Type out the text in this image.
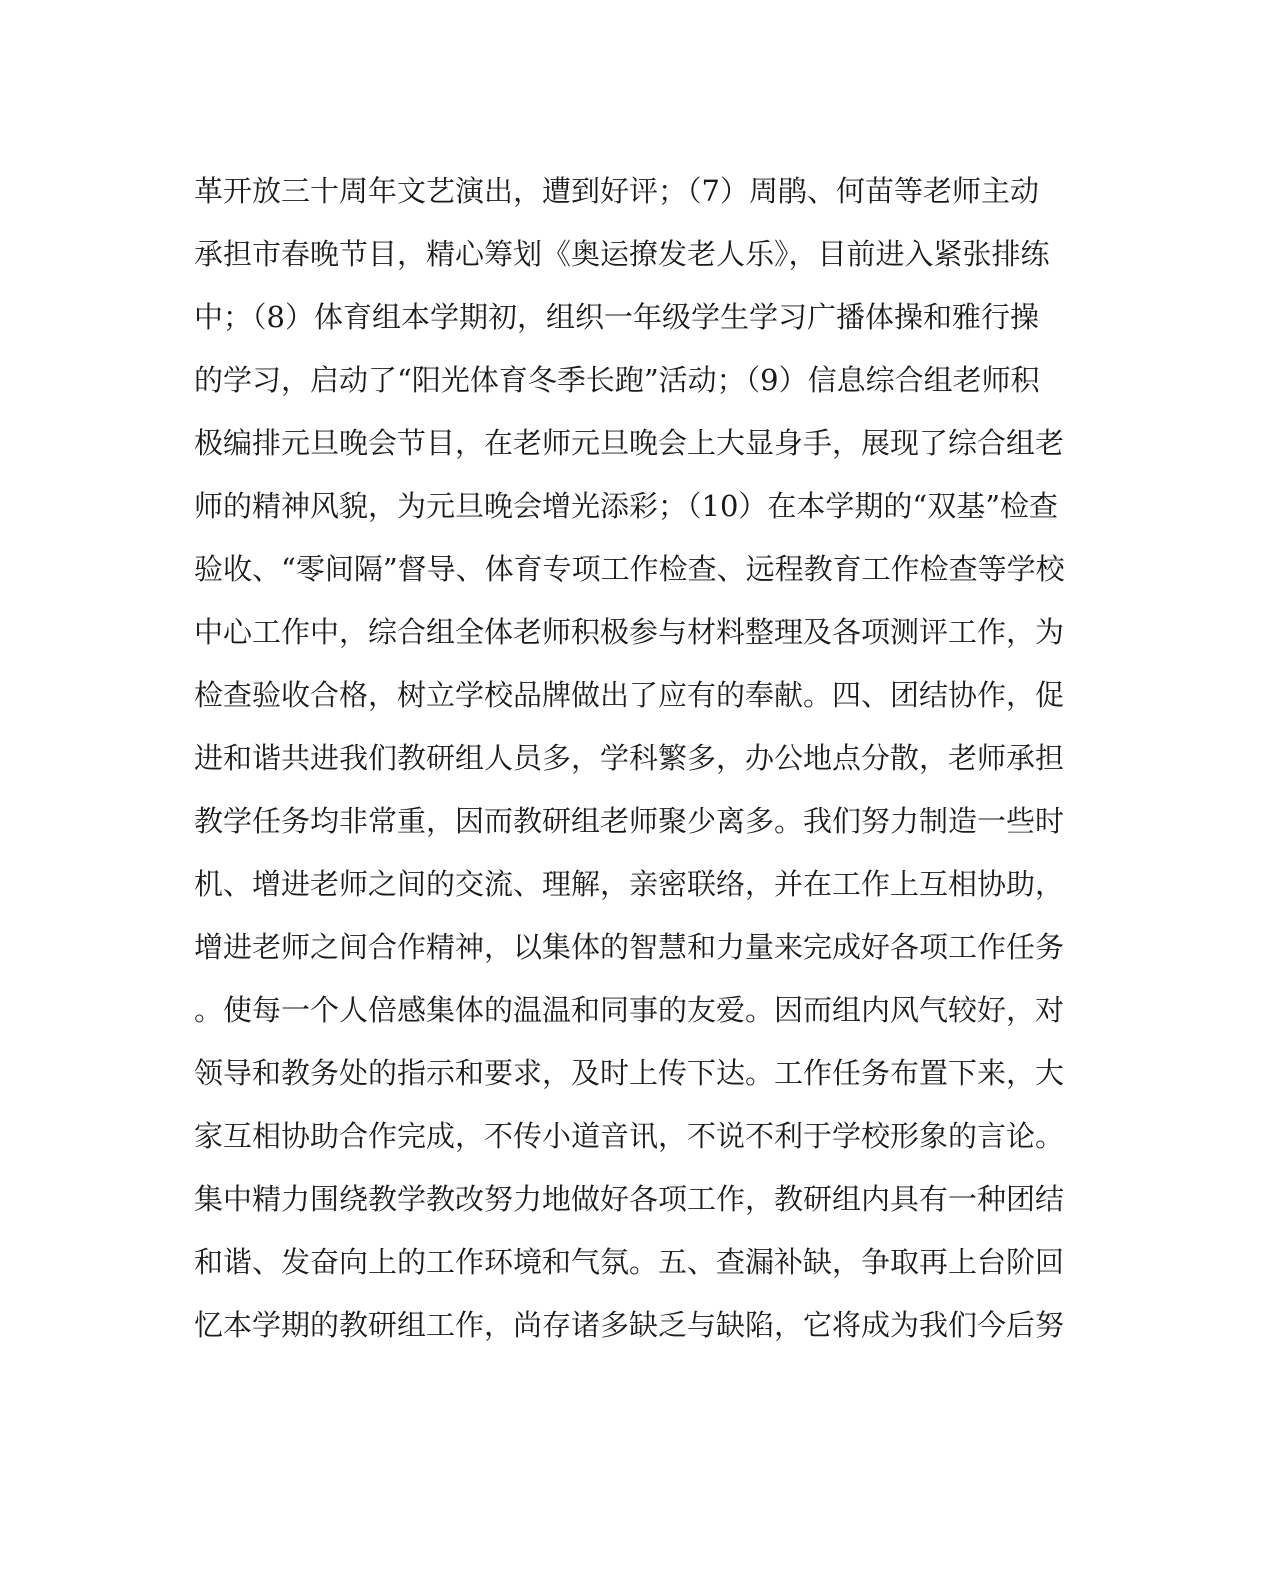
革开放三十周年文艺演出，遭到好评；（7）周鹃、何苗等老师主动
承担市春晚节目，精心筹划《奥运撩发老人乐》，目前进入紧张排练
中；（8）体育组本学期初，组织一年级学生学习广播体操和雅行操
的学习，启动了“阳光体育冬季长跑”活动；（9）信息综合组老师积
极编排元旦晚会节目，在老师元旦晚会上大显身手，展现了综合组老
师的精神风貌，为元旦晚会增光添彩；（10）在本学期的“双基”检查
验收、“零间隔”督导、体育专项工作检查、远程教育工作检查等学校
中心工作中，综合组全体老师积极参与材料整理及各项测评工作，为
检查验收合格，树立学校品牌做出了应有的奉献。四、团结协作，促
进和谐共进我们教研组人员多，学科繁多，办公地点分散，老师承担
教学任务均非常重，因而教研组老师聚少离多。我们努力制造一些时
机、增进老师之间的交流、理解，亲密联络，并在工作上互相协助，
增进老师之间合作精神，以集体的智慧和力量来完成好各项工作任务
。使每一个人倍感集体的温温和同事的友爱。因而组内风气较好，对
领导和教务处的指示和要求，及时上传下达。工作任务布置下来，大
家互相协助合作完成，不传小道音讯，不说不利于学校形象的言论。
集中精力围绕教学教改努力地做好各项工作，教研组内具有一种团结
和谐、发奋向上的工作环境和气氛。五、查漏补缺，争取再上台阶回
忆本学期的教研组工作，尚存诸多缺乏与缺陷，它将成为我们今后努
